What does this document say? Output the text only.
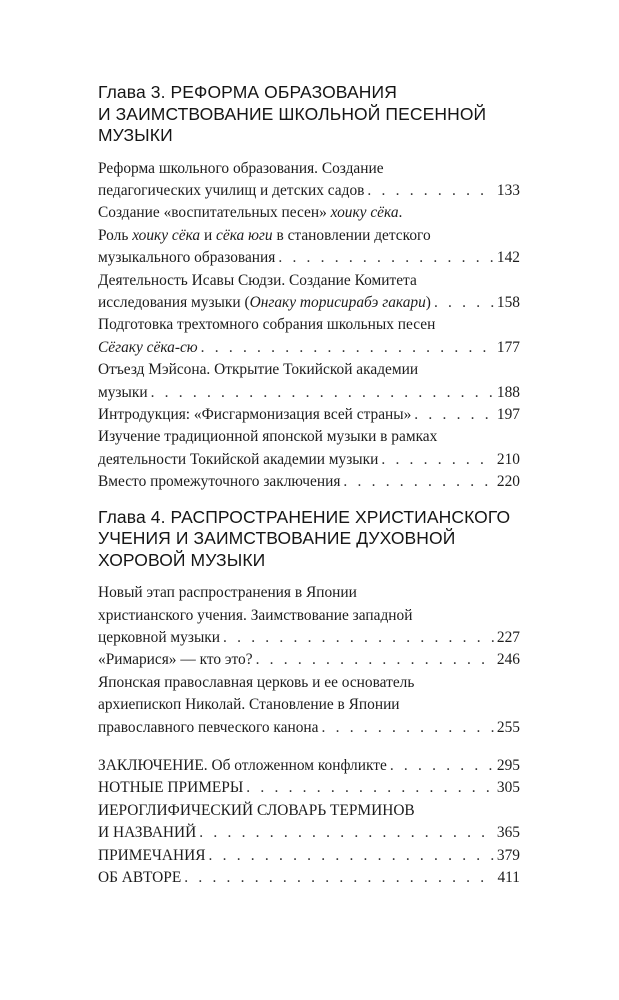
Глава 3. РЕФОРМА ОБРАЗОВАНИЯ
И ЗАИМСТВОВАНИЕ ШКОЛЬНОЙ ПЕСЕННОЙ
МУЗЫКИ
Реформа школьного образования. Создание
педагогических училищ и детских садов . . .	133
Создание «воспитательных песен» хоику сёка.
Роль хоику сёка и сёка юги в становлении детского
музыкального образования . . .	142
Деятельность Исавы Сюдзи. Создание Комитета
исследования музыки (Онгаку торисирабэ гакари) . . .	158
Подготовка трехтомного собрания школьных песен
Сёгаку сёка-сю . . .	177
Отъезд Мэйсона. Открытие Токийской академии
музыки . . .	188
Интродукция: «Фисгармонизация всей страны» . . .	197
Изучение традиционной японской музыки в рамках
деятельности Токийской академии музыки . . .	210
Вместо промежуточного заключения . . .	220
Глава 4. РАСПРОСТРАНЕНИЕ ХРИСТИАНСКОГО
УЧЕНИЯ И ЗАИМСТВОВАНИЕ ДУХОВНОЙ
ХОРОВОЙ МУЗЫКИ
Новый этап распространения в Японии
христианского учения. Заимствование западной
церковной музыки . . .	227
«Римарися» — кто это? . . .	246
Японская православная церковь и ее основатель
архиепископ Николай. Становление в Японии
православного певческого канона . . .	255
ЗАКЛЮЧЕНИЕ. Об отложенном конфликте . . .	295
НОТНЫЕ ПРИМЕРЫ . . .	305
ИЕРОГЛИФИЧЕСКИЙ СЛОВАРЬ ТЕРМИНОВ
И НАЗВАНИЙ . . .	365
ПРИМЕЧАНИЯ . . .	379
ОБ АВТОРЕ . . .	411
